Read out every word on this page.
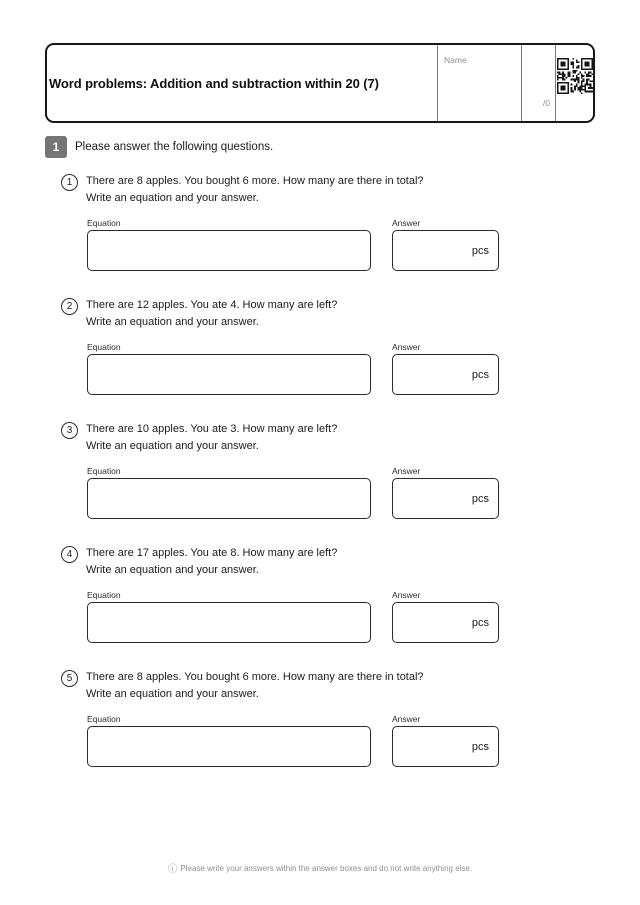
Word problems: Addition and subtraction within 20 (7)
Name
/0
1	Please answer the following questions.
1	There are 8 apples. You bought 6 more. How many are there in total?
Write an equation and your answer.
Equation	Answer
pcs
2	There are 12 apples. You ate 4. How many are left?
Write an equation and your answer.
Equation	Answer
pcs
3	There are 10 apples. You ate 3. How many are left?
Write an equation and your answer.
Equation	Answer
pcs
4	There are 17 apples. You ate 8. How many are left?
Write an equation and your answer.
Equation	Answer
pcs
5	There are 8 apples. You bought 6 more. How many are there in total?
Write an equation and your answer.
Equation	Answer
pcs
ⓘ Please write your answers within the answer boxes and do not write anything else.
